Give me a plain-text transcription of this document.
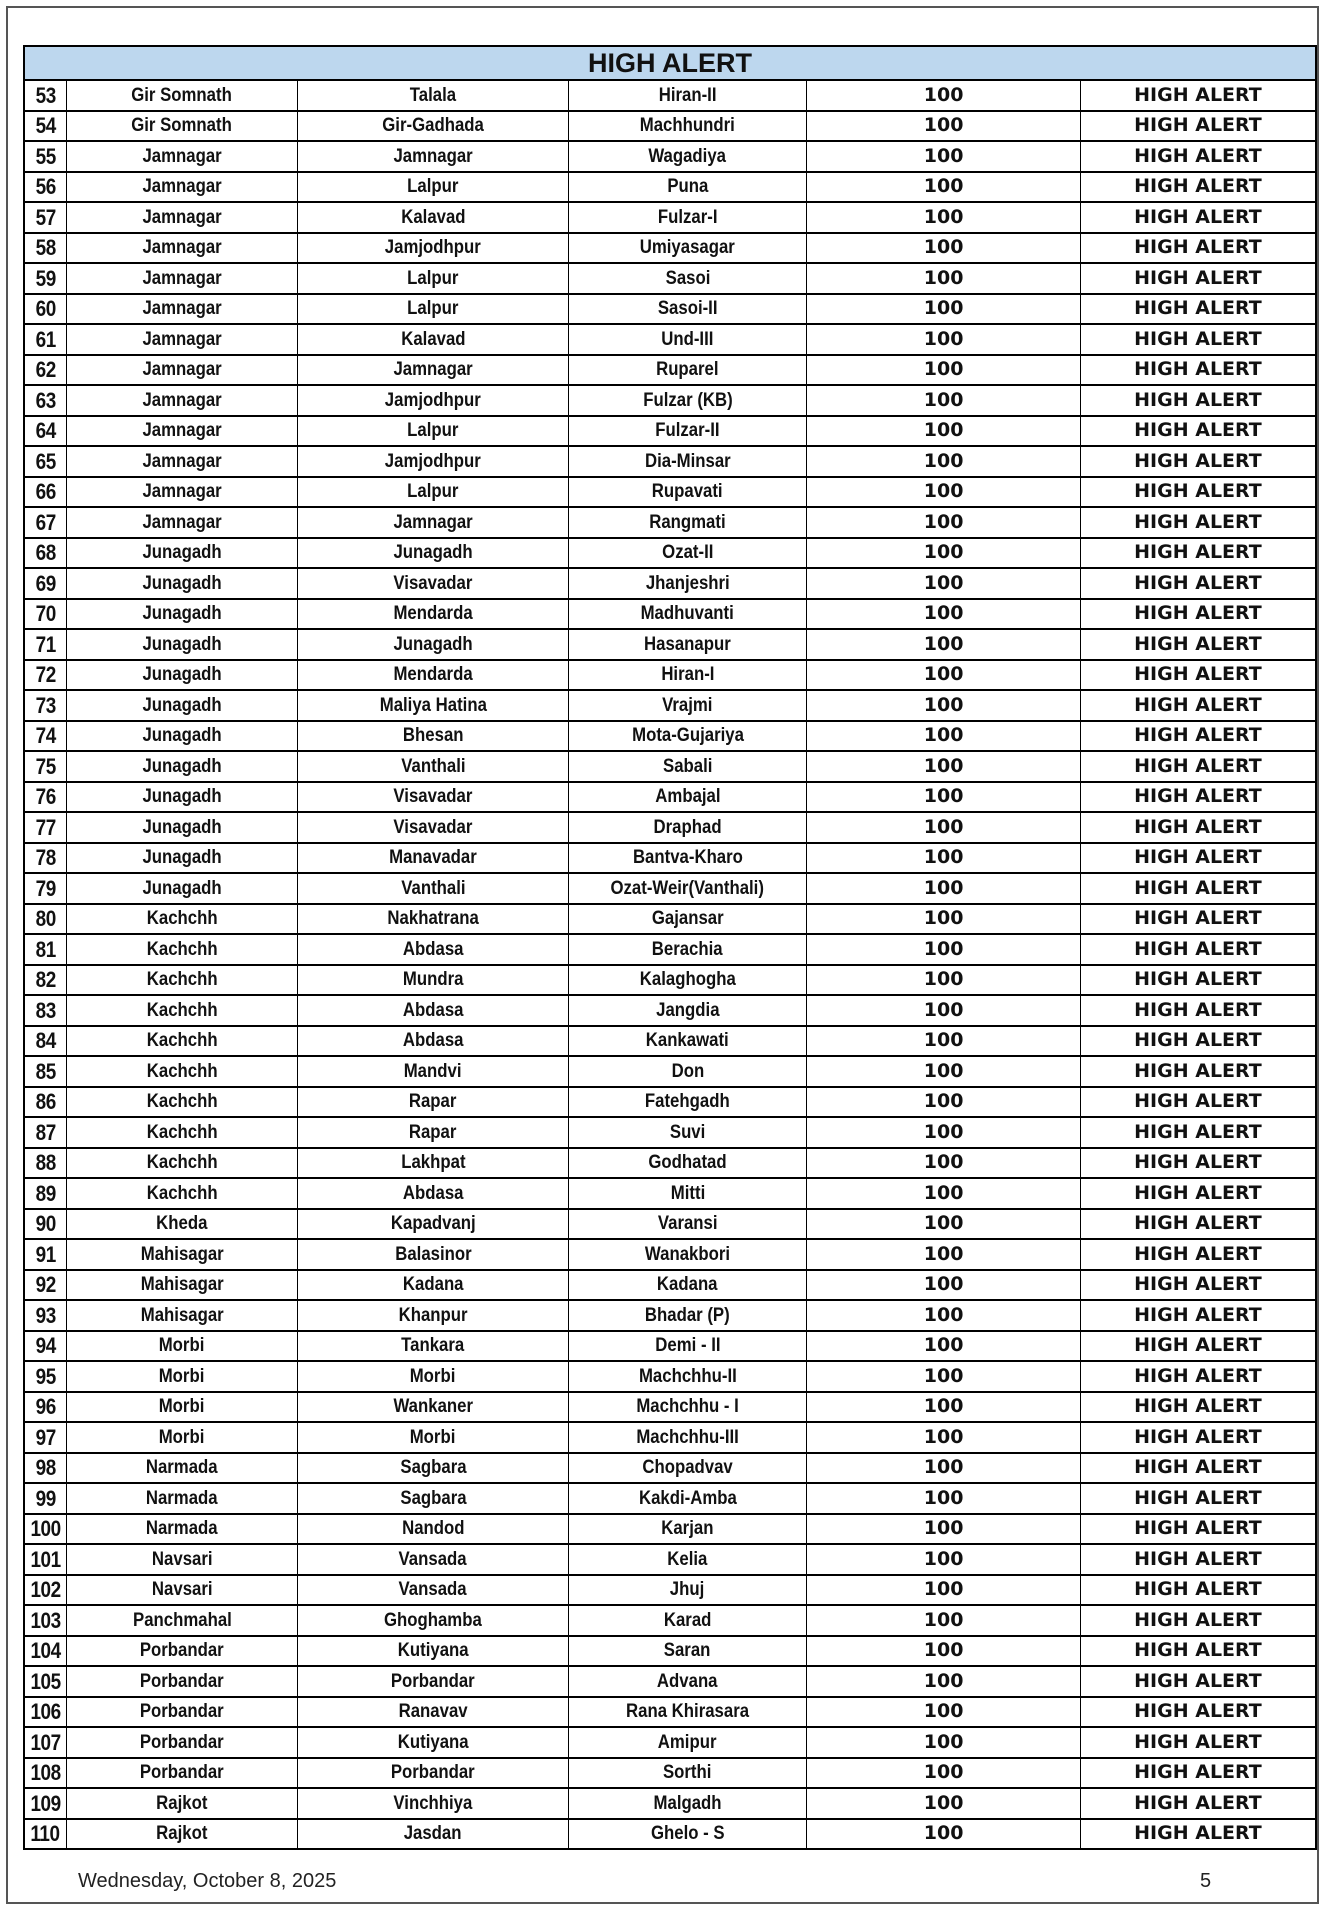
HIGH ALERT					
53	Gir Somnath	Talala	Hiran-II	100	HIGH ALERT
54	Gir Somnath	Gir-Gadhada	Machhundri	100	HIGH ALERT
55	Jamnagar	Jamnagar	Wagadiya	100	HIGH ALERT
56	Jamnagar	Lalpur	Puna	100	HIGH ALERT
57	Jamnagar	Kalavad	Fulzar-I	100	HIGH ALERT
58	Jamnagar	Jamjodhpur	Umiyasagar	100	HIGH ALERT
59	Jamnagar	Lalpur	Sasoi	100	HIGH ALERT
60	Jamnagar	Lalpur	Sasoi-II	100	HIGH ALERT
61	Jamnagar	Kalavad	Und-III	100	HIGH ALERT
62	Jamnagar	Jamnagar	Ruparel	100	HIGH ALERT
63	Jamnagar	Jamjodhpur	Fulzar (KB)	100	HIGH ALERT
64	Jamnagar	Lalpur	Fulzar-II	100	HIGH ALERT
65	Jamnagar	Jamjodhpur	Dia-Minsar	100	HIGH ALERT
66	Jamnagar	Lalpur	Rupavati	100	HIGH ALERT
67	Jamnagar	Jamnagar	Rangmati	100	HIGH ALERT
68	Junagadh	Junagadh	Ozat-II	100	HIGH ALERT
69	Junagadh	Visavadar	Jhanjeshri	100	HIGH ALERT
70	Junagadh	Mendarda	Madhuvanti	100	HIGH ALERT
71	Junagadh	Junagadh	Hasanapur	100	HIGH ALERT
72	Junagadh	Mendarda	Hiran-I	100	HIGH ALERT
73	Junagadh	Maliya Hatina	Vrajmi	100	HIGH ALERT
74	Junagadh	Bhesan	Mota-Gujariya	100	HIGH ALERT
75	Junagadh	Vanthali	Sabali	100	HIGH ALERT
76	Junagadh	Visavadar	Ambajal	100	HIGH ALERT
77	Junagadh	Visavadar	Draphad	100	HIGH ALERT
78	Junagadh	Manavadar	Bantva-Kharo	100	HIGH ALERT
79	Junagadh	Vanthali	Ozat-Weir(Vanthali)	100	HIGH ALERT
80	Kachchh	Nakhatrana	Gajansar	100	HIGH ALERT
81	Kachchh	Abdasa	Berachia	100	HIGH ALERT
82	Kachchh	Mundra	Kalaghogha	100	HIGH ALERT
83	Kachchh	Abdasa	Jangdia	100	HIGH ALERT
84	Kachchh	Abdasa	Kankawati	100	HIGH ALERT
85	Kachchh	Mandvi	Don	100	HIGH ALERT
86	Kachchh	Rapar	Fatehgadh	100	HIGH ALERT
87	Kachchh	Rapar	Suvi	100	HIGH ALERT
88	Kachchh	Lakhpat	Godhatad	100	HIGH ALERT
89	Kachchh	Abdasa	Mitti	100	HIGH ALERT
90	Kheda	Kapadvanj	Varansi	100	HIGH ALERT
91	Mahisagar	Balasinor	Wanakbori	100	HIGH ALERT
92	Mahisagar	Kadana	Kadana	100	HIGH ALERT
93	Mahisagar	Khanpur	Bhadar (P)	100	HIGH ALERT
94	Morbi	Tankara	Demi - II	100	HIGH ALERT
95	Morbi	Morbi	Machchhu-II	100	HIGH ALERT
96	Morbi	Wankaner	Machchhu - I	100	HIGH ALERT
97	Morbi	Morbi	Machchhu-III	100	HIGH ALERT
98	Narmada	Sagbara	Chopadvav	100	HIGH ALERT
99	Narmada	Sagbara	Kakdi-Amba	100	HIGH ALERT
100	Narmada	Nandod	Karjan	100	HIGH ALERT
101	Navsari	Vansada	Kelia	100	HIGH ALERT
102	Navsari	Vansada	Jhuj	100	HIGH ALERT
103	Panchmahal	Ghoghamba	Karad	100	HIGH ALERT
104	Porbandar	Kutiyana	Saran	100	HIGH ALERT
105	Porbandar	Porbandar	Advana	100	HIGH ALERT
106	Porbandar	Ranavav	Rana Khirasara	100	HIGH ALERT
107	Porbandar	Kutiyana	Amipur	100	HIGH ALERT
108	Porbandar	Porbandar	Sorthi	100	HIGH ALERT
109	Rajkot	Vinchhiya	Malgadh	100	HIGH ALERT
110	Rajkot	Jasdan	Ghelo - S	100	HIGH ALERT
Wednesday, October 8, 2025	5
